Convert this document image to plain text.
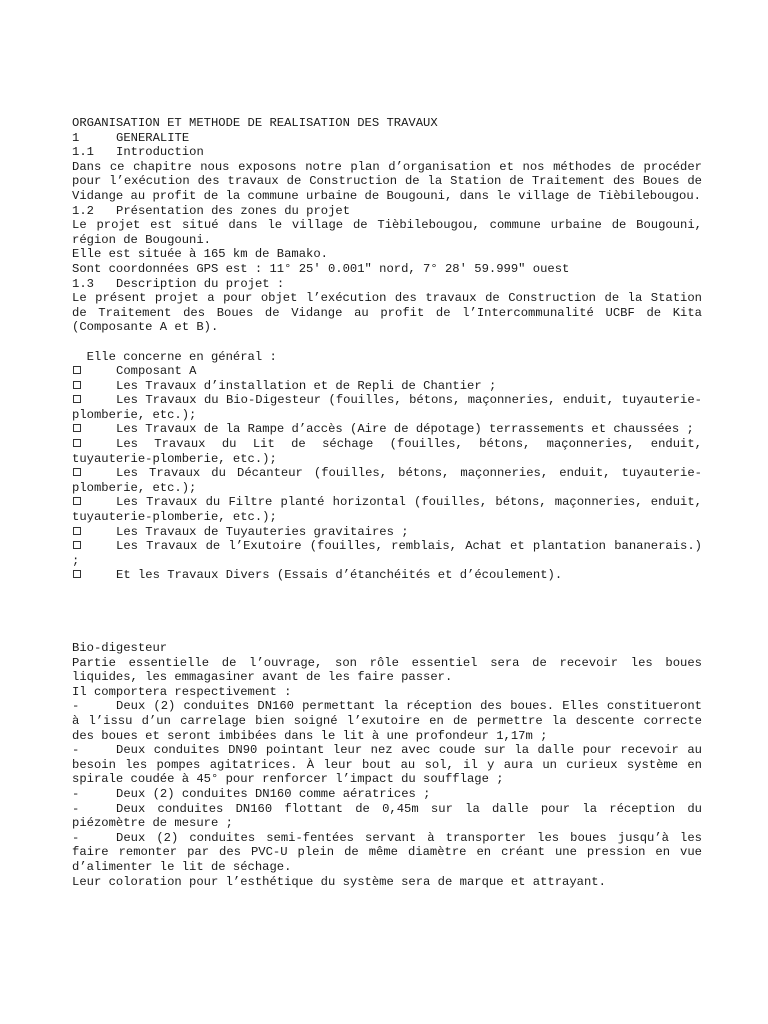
ORGANISATION ET METHODE DE REALISATION DES TRAVAUX
1	GENERALITE
1.1 Introduction
Dans ce chapitre nous exposons notre plan d’organisation et nos méthodes de procéder pour l’exécution des travaux de Construction de la Station de Traitement des Boues de Vidange au profit de la commune urbaine de Bougouni, dans le village de Tièbilebougou.
1.2 Présentation des zones du projet
Le projet est situé dans le village de Tièbilebougou, commune urbaine de Bougouni, région de Bougouni.
Elle est située à 165 km de Bamako.
Sont coordonnées GPS est : 11° 25' 0.001" nord, 7° 28' 59.999" ouest
1.3 Description du projet :
Le présent projet a pour objet l’exécution des travaux de Construction de la Station de Traitement des Boues de Vidange au profit de l’Intercommunalité UCBF de Kita (Composante A et B).
Elle concerne en général :
Composant A
Les Travaux d’installation et de Repli de Chantier ;
Les Travaux du Bio-Digesteur (fouilles, bétons, maçonneries, enduit, tuyauterie-plomberie, etc.);
Les Travaux de la Rampe d’accès (Aire de dépotage) terrassements et chaussées ;
Les Travaux du Lit de séchage (fouilles, bétons, maçonneries, enduit, tuyauterie-plomberie, etc.);
Les Travaux du Décanteur (fouilles, bétons, maçonneries, enduit, tuyauterie-plomberie, etc.);
Les Travaux du Filtre planté horizontal (fouilles, bétons, maçonneries, enduit, tuyauterie-plomberie, etc.);
Les Travaux de Tuyauteries gravitaires ;
Les Travaux de l’Exutoire (fouilles, remblais, Achat et plantation bananerais.) ;
Et les Travaux Divers (Essais d’étanchéités et d’écoulement).
Bio-digesteur
Partie essentielle de l’ouvrage, son rôle essentiel sera de recevoir les boues liquides, les emmagasiner avant de les faire passer.
Il comportera respectivement :
-	Deux (2) conduites DN160 permettant la réception des boues. Elles constitueront à l’issu d’un carrelage bien soigné l’exutoire en de permettre la descente correcte des boues et seront imbibées dans le lit à une profondeur 1,17m ;
-	Deux conduites DN90 pointant leur nez avec coude sur la dalle pour recevoir au besoin les pompes agitatrices. À leur bout au sol, il y aura un curieux système en spirale coudée à 45° pour renforcer l’impact du soufflage ;
-	Deux (2) conduites DN160 comme aératrices ;
-	Deux conduites DN160 flottant de 0,45m sur la dalle pour la réception du piézomètre de mesure ;
-	Deux (2) conduites semi-fentées servant à transporter les boues jusqu’à les faire remonter par des PVC-U plein de même diamètre en créant une pression en vue d’alimenter le lit de séchage.
Leur coloration pour l’esthétique du système sera de marque et attrayant.
